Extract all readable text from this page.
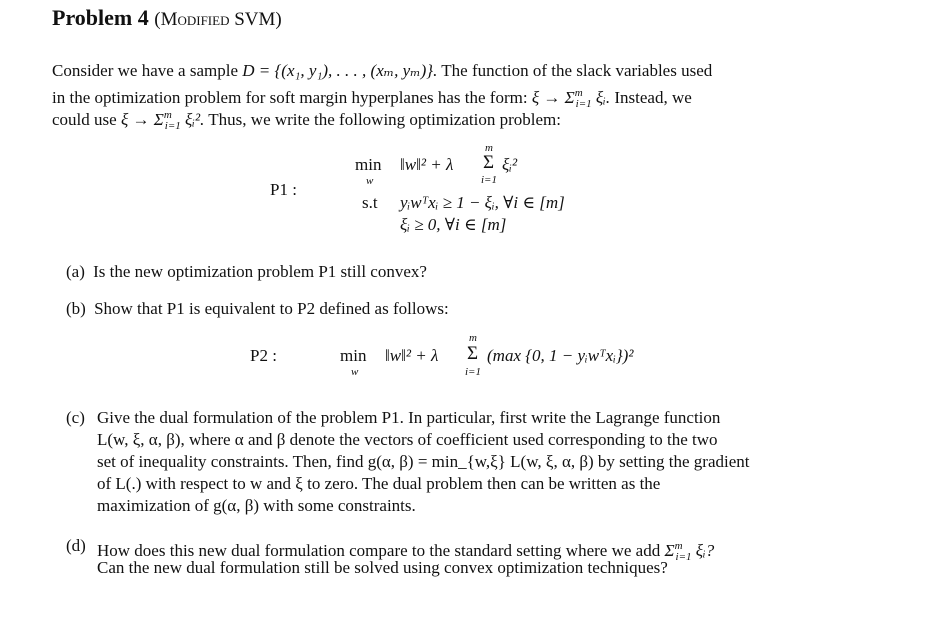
Problem 4 (Modified SVM)
Consider we have a sample D = {(x₁, y₁), . . . , (xₘ, yₘ)}. The function of the slack variables used
in the optimization problem for soft margin hyperplanes has the form: $\xi \to \Sigma^m_{i=1}$ ξᵢ. Instead, we
could use $\xi \to \Sigma^m_{i=1}$ ξᵢ². Thus, we write the following optimization problem:
P1 :
min
w
‖w‖² + λ
m
Σ
i=1
ξᵢ²
s.t yᵢwᵀxᵢ ≥ 1 − ξᵢ, ∀i ∈ [m]
ξᵢ ≥ 0, ∀i ∈ [m]
(a) Is the new optimization problem P1 still convex?
(b) Show that P1 is equivalent to P2 defined as follows:
P2 :	min
w
‖w‖² + λ
m
Σ
i=1
(max {0, 1 − yᵢwᵀxᵢ})²
(c) Give the dual formulation of the problem P1. In particular, first write the Lagrange function
L(w, ξ, α, β), where α and β denote the vectors of coefficient used corresponding to the two
set of inequality constraints. Then, find g(α, β) = min_{w,ξ} L(w, ξ, α, β) by setting the gradient
of L(.) with respect to w and ξ to zero. The dual problem then can be written as the
maximization of g(α, β) with some constraints.
(d) How does this new dual formulation compare to the standard setting where we add $\Sigma^m_{i=1}$ ξᵢ?
Can the new dual formulation still be solved using convex optimization techniques?
